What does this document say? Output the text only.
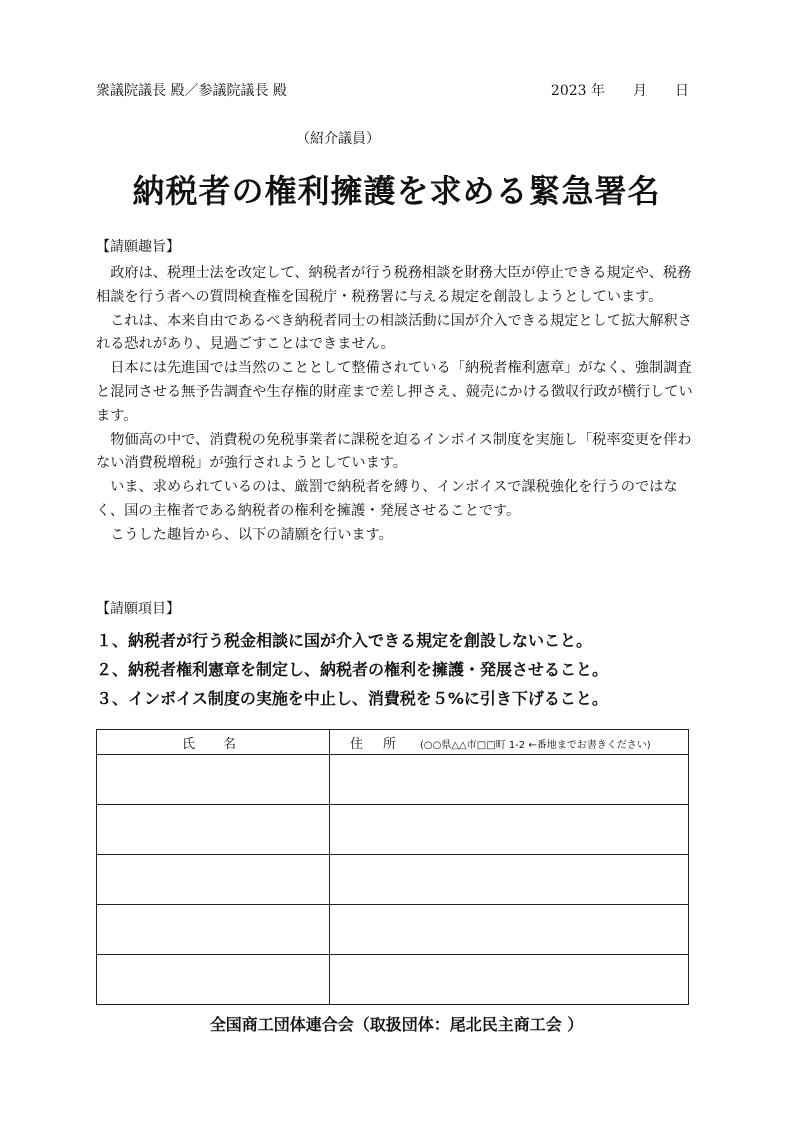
衆議院議長 殿／参議院議長 殿	2023 年　　月　　日
（紹介議員）
納税者の権利擁護を求める緊急署名
【請願趣旨】

政府は、税理士法を改定して、納税者が行う税務相談を財務大臣が停止できる規定や、税務相談を行う者への質問検査権を国税庁・税務署に与える規定を創設しようとしています。

これは、本来自由であるべき納税者同士の相談活動に国が介入できる規定として拡大解釈される恐れがあり、見過ごすことはできません。

日本には先進国では当然のこととして整備されている「納税者権利憲章」がなく、強制調査と混同させる無予告調査や生存権的財産まで差し押さえ、競売にかける徴収行政が横行しています。

物価高の中で、消費税の免税事業者に課税を迫るインボイス制度を実施し「税率変更を伴わない消費税増税」が強行されようとしています。

いま、求められているのは、厳罰で納税者を縛り、インボイスで課税強化を行うのではなく、国の主権者である納税者の権利を擁護・発展させることです。

こうした趣旨から、以下の請願を行います。

【請願項目】
１、納税者が行う税金相談に国が介入できる規定を創設しないこと。
２、納税者権利憲章を制定し、納税者の権利を擁護・発展させること。
３、インボイス制度の実施を中止し、消費税を５%に引き下げること。
氏名	住所 (○○県△△市□□町 1-2 ←番地までお書きください)

全国商工団体連合会（取扱団体：尾北民主商工会 ）
